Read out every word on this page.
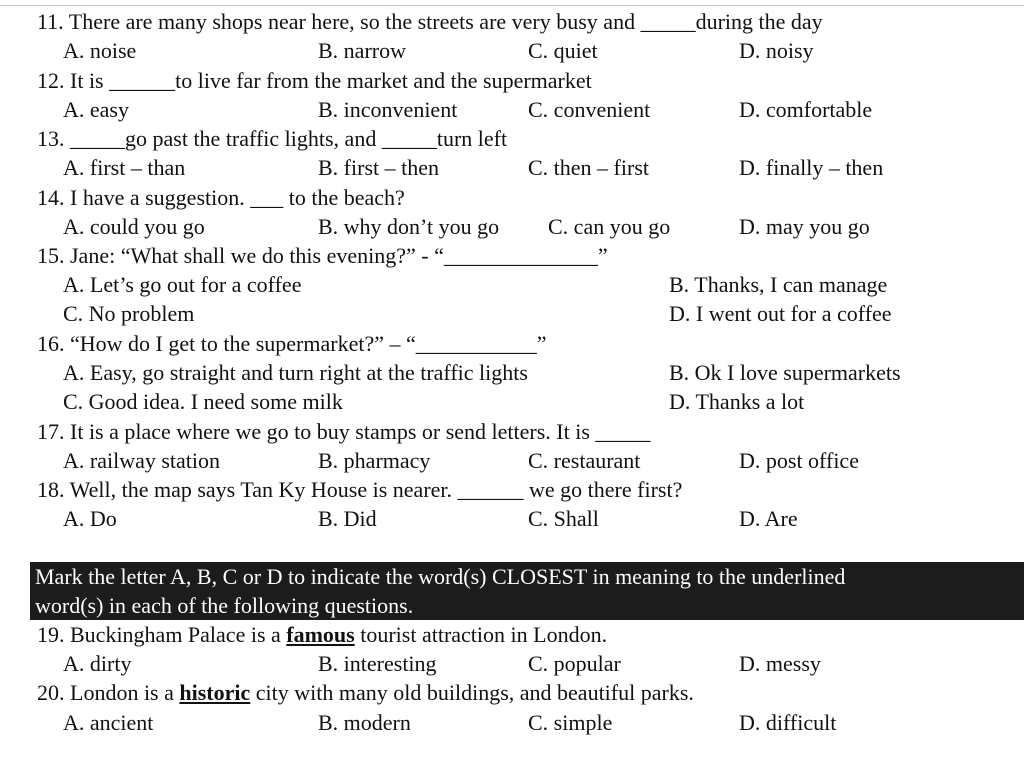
11. There are many shops near here, so the streets are very busy and _____during the day
A. noise	B. narrow	C. quiet	D. noisy
12. It is ______to live far from the market and the supermarket
A. easy	B. inconvenient	C. convenient	D. comfortable
13. _____go past the traffic lights, and _____turn left
A. first – than	B. first – then	C. then – first	D. finally – then
14. I have a suggestion. ___ to the beach?
A. could you go	B. why don’t you go C. can you go	D. may you go
15. Jane: “What shall we do this evening?” - “______________”
A. Let’s go out for a coffee	B. Thanks, I can manage
C. No problem	D. I went out for a coffee
16. “How do I get to the supermarket?” – “___________”
A. Easy, go straight and turn right at the traffic lights	B. Ok I love supermarkets
C. Good idea. I need some milk	D. Thanks a lot
17. It is a place where we go to buy stamps or send letters. It is _____
A. railway station	B. pharmacy	C. restaurant	D. post office
18. Well, the map says Tan Ky House is nearer. ______ we go there first?
A. Do	B. Did	C. Shall	D. Are
Mark the letter A, B, C or D to indicate the word(s) CLOSEST in meaning to the underlined
word(s) in each of the following questions.
19. Buckingham Palace is a famous tourist attraction in London.
A. dirty	B. interesting	C. popular	D. messy
20. London is a historic city with many old buildings, and beautiful parks.
A. ancient	B. modern	C. simple	D. difficult
